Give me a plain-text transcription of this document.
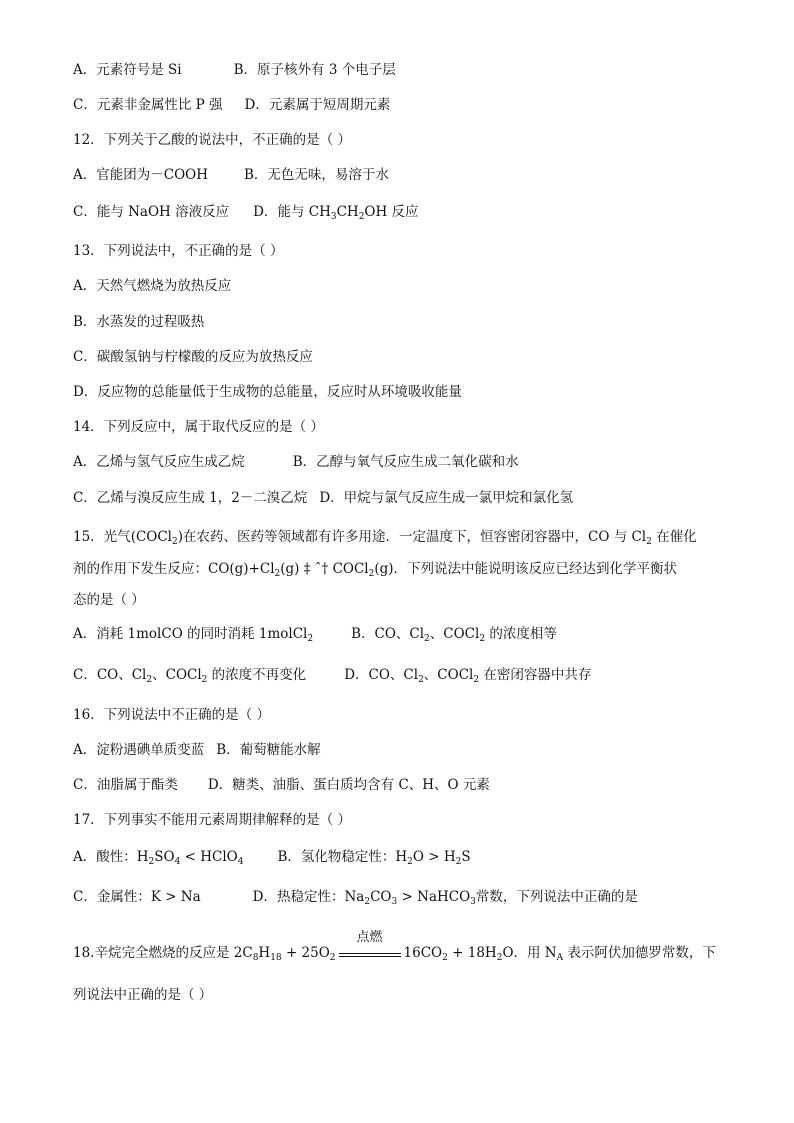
A．元素符号是 Si	B．原子核外有 3 个电子层
C．元素非金属性比 P 强 D．元素属于短周期元素
12．下列关于乙酸的说法中，不正确的是（ ）
A．官能团为－COOH	B．无色无味，易溶于水
C．能与 NaOH 溶液反应 D．能与 $CH_3CH_2OH$ 反应
13．下列说法中，不正确的是（ ）
A．天然气燃烧为放热反应
B．水蒸发的过程吸热
C．碳酸氢钠与柠檬酸的反应为放热反应
D．反应物的总能量低于生成物的总能量，反应时从环境吸收能量
14．下列反应中，属于取代反应的是（ ）
A．乙烯与氢气反应生成乙烷	B．乙醇与氧气反应生成二氧化碳和水
C．乙烯与溴反应生成 1，2－二溴乙烷 D．甲烷与氯气反应生成一氯甲烷和氯化氢
15．光气(COCl$_2$)在农药、医药等领域都有许多用途．一定温度下，恒容密闭容器中，CO 与 $Cl_2$ 在催化
剂的作用下发生反应：$CO(g)+Cl_2(g)$ ‡ ˆ† COCl$_2$(g)．下列说法中能说明该反应已经达到化学平衡状
态的是（ ）
A．消耗 1molCO 的同时消耗 1molCl$_2$	B．CO、$Cl_2$、COCl$_2$ 的浓度相等
C．CO、$Cl_2$、COCl$_2$ 的浓度不再变化	D．CO、$Cl_2$、COCl$_2$ 在密闭容器中共存
16．下列说法中不正确的是（ ）
A．淀粉遇碘单质变蓝 B．葡萄糖能水解
C．油脂属于酯类 D．糖类、油脂、蛋白质均含有 C、H、O 元素
17．下列事实不能用元素周期律解释的是（ ）
A．酸性：$H_2SO_4$ < HClO$_4$	B．氢化物稳定性：$H_2O > H_2S$
C．金属性：K > Na	D．热稳定性：$Na_2CO_3$ > NaHCO$_3$常数，下列说法中正确的是
18.辛烷完全燃烧的反应是 $2C_8H_{18} + 25O_2$
点燃
$16CO_2 + 18H_2O$．用 $N_A$ 表示阿伏加德罗常数，下
列说法中正确的是（ ）
